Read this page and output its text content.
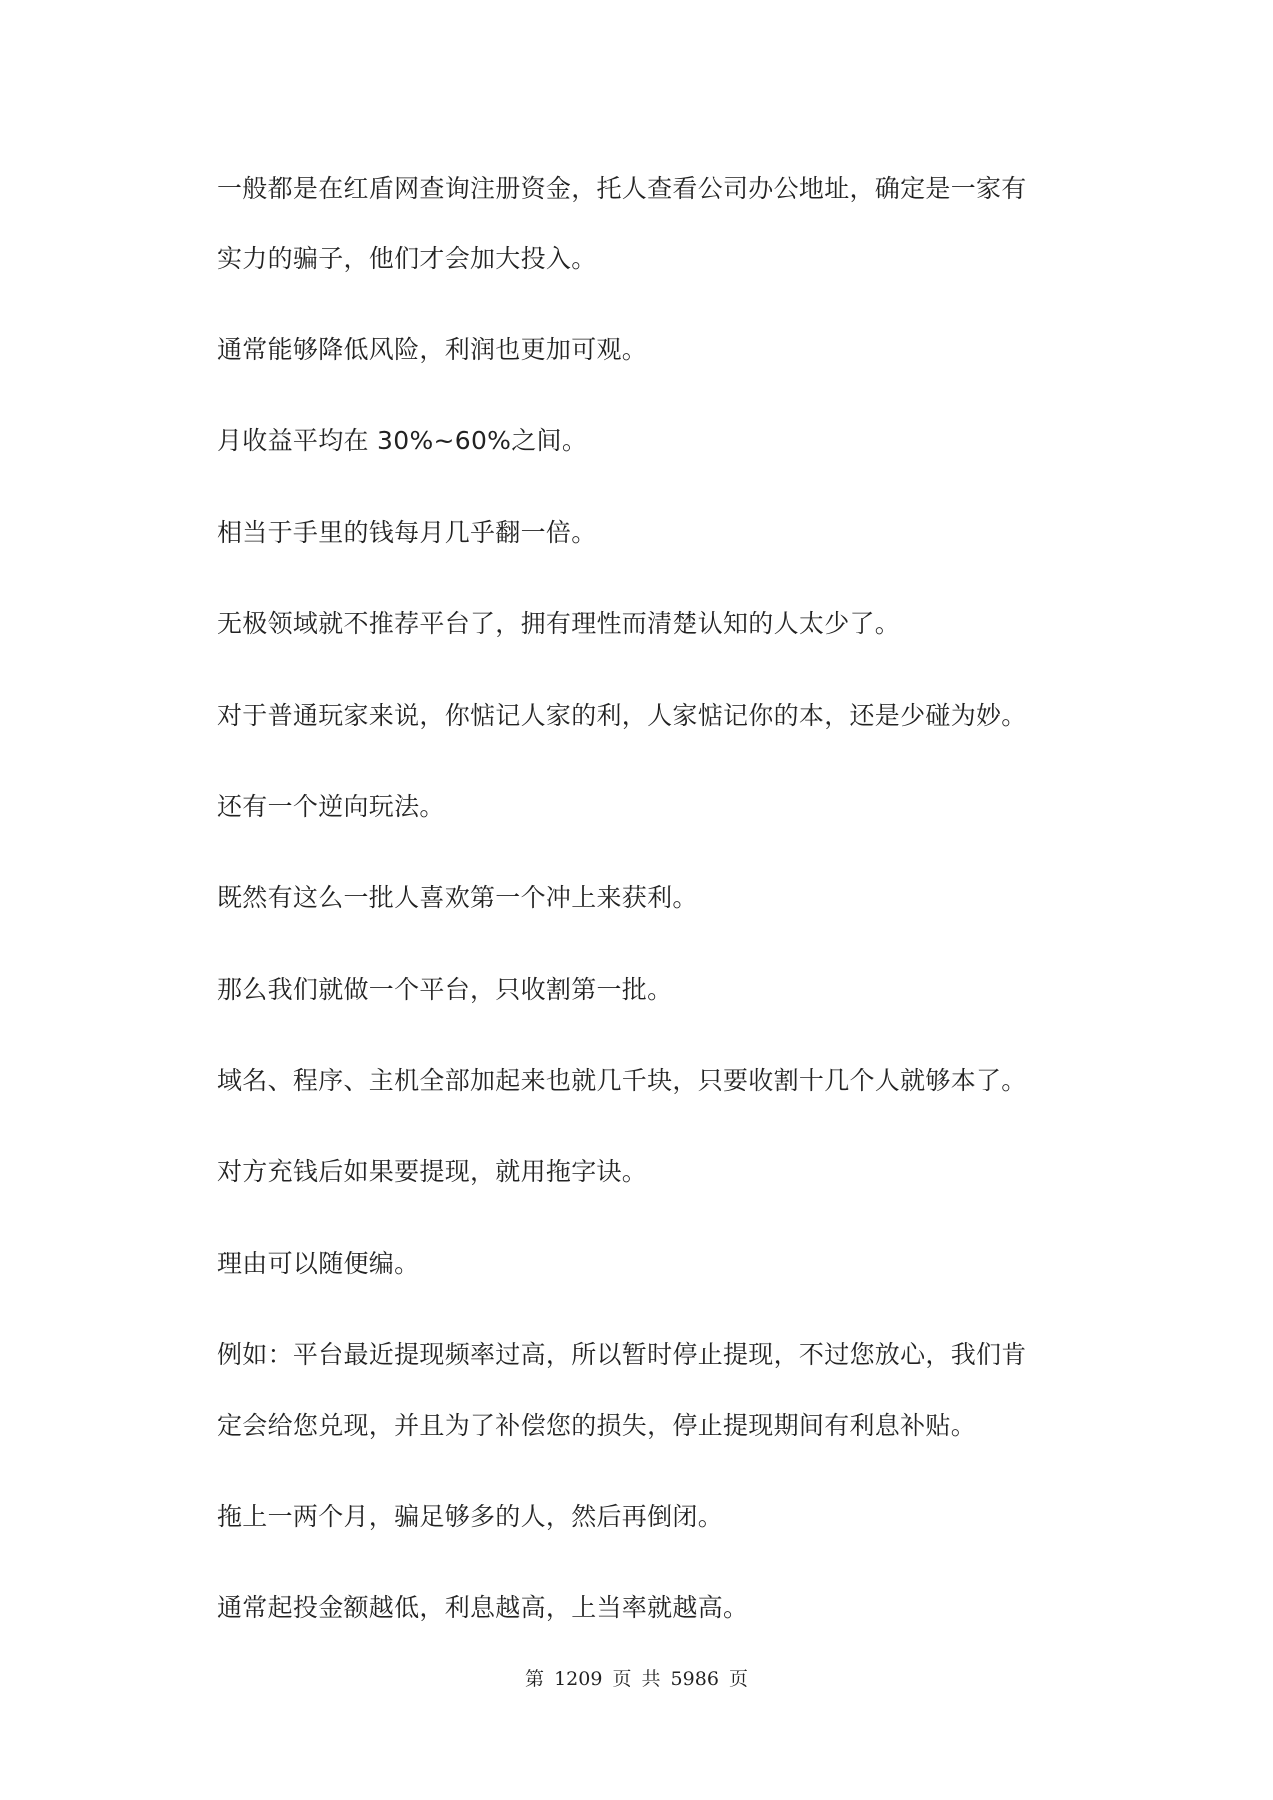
一般都是在红盾网查询注册资金，托人查看公司办公地址，确定是一家有
实力的骗子，他们才会加大投入。
通常能够降低风险，利润也更加可观。
月收益平均在 30%~60%之间。
相当于手里的钱每月几乎翻一倍。
无极领域就不推荐平台了，拥有理性而清楚认知的人太少了。
对于普通玩家来说，你惦记人家的利，人家惦记你的本，还是少碰为妙。
还有一个逆向玩法。
既然有这么一批人喜欢第一个冲上来获利。
那么我们就做一个平台，只收割第一批。
域名、程序、主机全部加起来也就几千块，只要收割十几个人就够本了。
对方充钱后如果要提现，就用拖字诀。
理由可以随便编。
例如：平台最近提现频率过高，所以暂时停止提现，不过您放心，我们肯
定会给您兑现，并且为了补偿您的损失，停止提现期间有利息补贴。
拖上一两个月，骗足够多的人，然后再倒闭。
通常起投金额越低，利息越高，上当率就越高。
第 1209 页 共 5986 页
